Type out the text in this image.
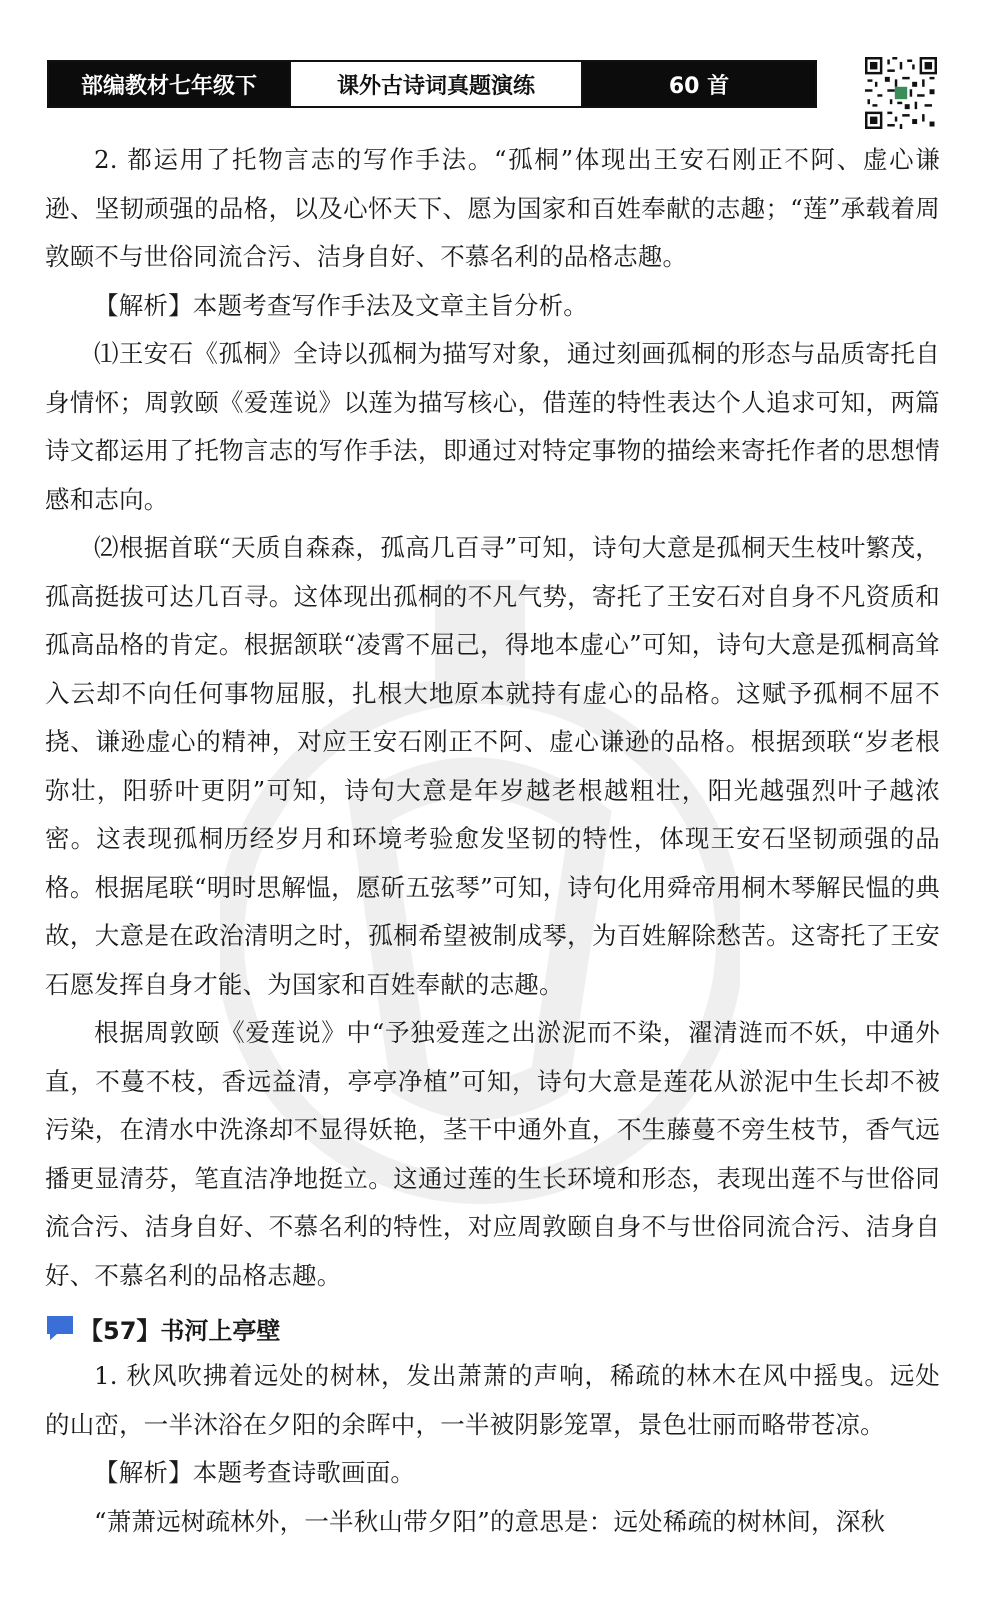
部编教材七年级下	课外古诗词真题演练	60 首

2. 都运用了托物言志的写作手法。“孤桐”体现出王安石刚正不阿、虚心谦逊、坚韧顽强的品格，以及心怀天下、愿为国家和百姓奉献的志趣；“莲”承载着周敦颐不与世俗同流合污、洁身自好、不慕名利的品格志趣。

【解析】本题考查写作手法及文章主旨分析。

⑴王安石《孤桐》全诗以孤桐为描写对象，通过刻画孤桐的形态与品质寄托自身情怀；周敦颐《爱莲说》以莲为描写核心，借莲的特性表达个人追求可知，两篇诗文都运用了托物言志的写作手法，即通过对特定事物的描绘来寄托作者的思想情感和志向。

⑵根据首联“天质自森森，孤高几百寻”可知，诗句大意是孤桐天生枝叶繁茂，孤高挺拔可达几百寻。这体现出孤桐的不凡气势，寄托了王安石对自身不凡资质和孤高品格的肯定。根据颔联“凌霄不屈己，得地本虚心”可知，诗句大意是孤桐高耸入云却不向任何事物屈服，扎根大地原本就持有虚心的品格。这赋予孤桐不屈不挠、谦逊虚心的精神，对应王安石刚正不阿、虚心谦逊的品格。根据颈联“岁老根弥壮，阳骄叶更阴”可知，诗句大意是年岁越老根越粗壮，阳光越强烈叶子越浓密。这表现孤桐历经岁月和环境考验愈发坚韧的特性，体现王安石坚韧顽强的品格。根据尾联“明时思解愠，愿斫五弦琴”可知，诗句化用舜帝用桐木琴解民愠的典故，大意是在政治清明之时，孤桐希望被制成琴，为百姓解除愁苦。这寄托了王安石愿发挥自身才能、为国家和百姓奉献的志趣。

根据周敦颐《爱莲说》中“予独爱莲之出淤泥而不染，濯清涟而不妖，中通外直，不蔓不枝，香远益清，亭亭净植”可知，诗句大意是莲花从淤泥中生长却不被污染，在清水中洗涤却不显得妖艳，茎干中通外直，不生藤蔓不旁生枝节，香气远播更显清芬，笔直洁净地挺立。这通过莲的生长环境和形态，表现出莲不与世俗同流合污、洁身自好、不慕名利的特性，对应周敦颐自身不与世俗同流合污、洁身自好、不慕名利的品格志趣。

【57】书河上亭壁

1. 秋风吹拂着远处的树林，发出萧萧的声响，稀疏的林木在风中摇曳。远处的山峦，一半沐浴在夕阳的余晖中，一半被阴影笼罩，景色壮丽而略带苍凉。

【解析】本题考查诗歌画面。

“萧萧远树疏林外，一半秋山带夕阳”的意思是：远处稀疏的树林间，深秋
